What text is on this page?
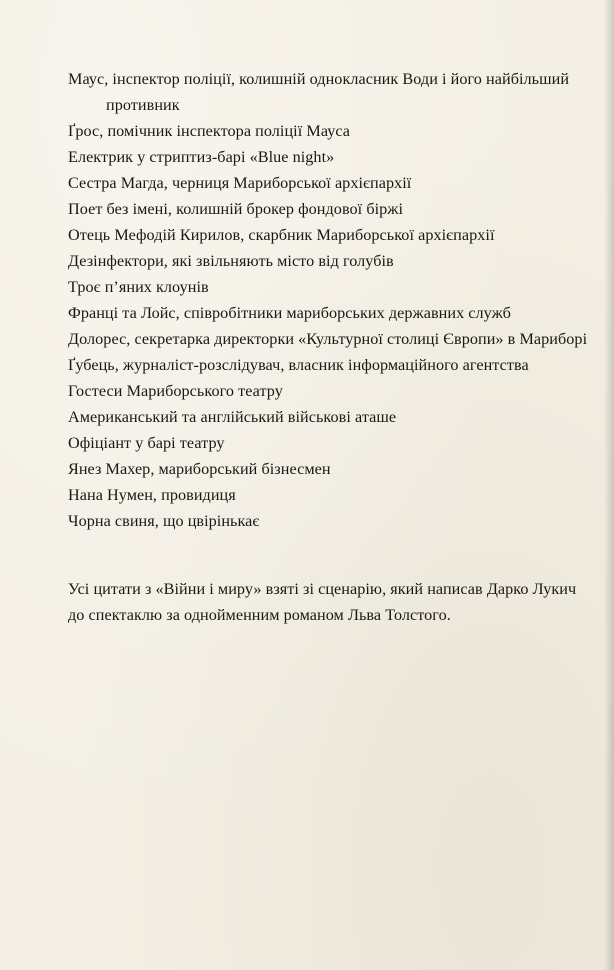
Маус, інспектор поліції, колишній однокласник Води і його найбільший противник
Ґрос, помічник інспектора поліції Мауса
Електрик у стриптиз-барі «Blue night»
Сестра Магда, черниця Мариборської архієпархії
Поет без імені, колишній брокер фондової біржі
Отець Мефодій Кирилов, скарбник Мариборської архієпархії
Дезінфектори, які звільняють місто від голубів
Троє п’яних клоунів
Франці та Лойс, співробітники мариборських державних служб
Долорес, секретарка директорки «Культурної столиці Європи» в Мариборі
Ґубець, журналіст-розслідувач, власник інформаційного агентства
Гостеси Мариборського театру
Американський та англійський військові аташе
Офіціант у барі театру
Янез Махер, мариборський бізнесмен
Нана Нумен, провидиця
Чорна свиня, що цвірінькає

Усі цитати з «Війни і миру» взяті зі сценарію, який написав Дарко Лукич до спектаклю за однойменним романом Льва Толстого.
